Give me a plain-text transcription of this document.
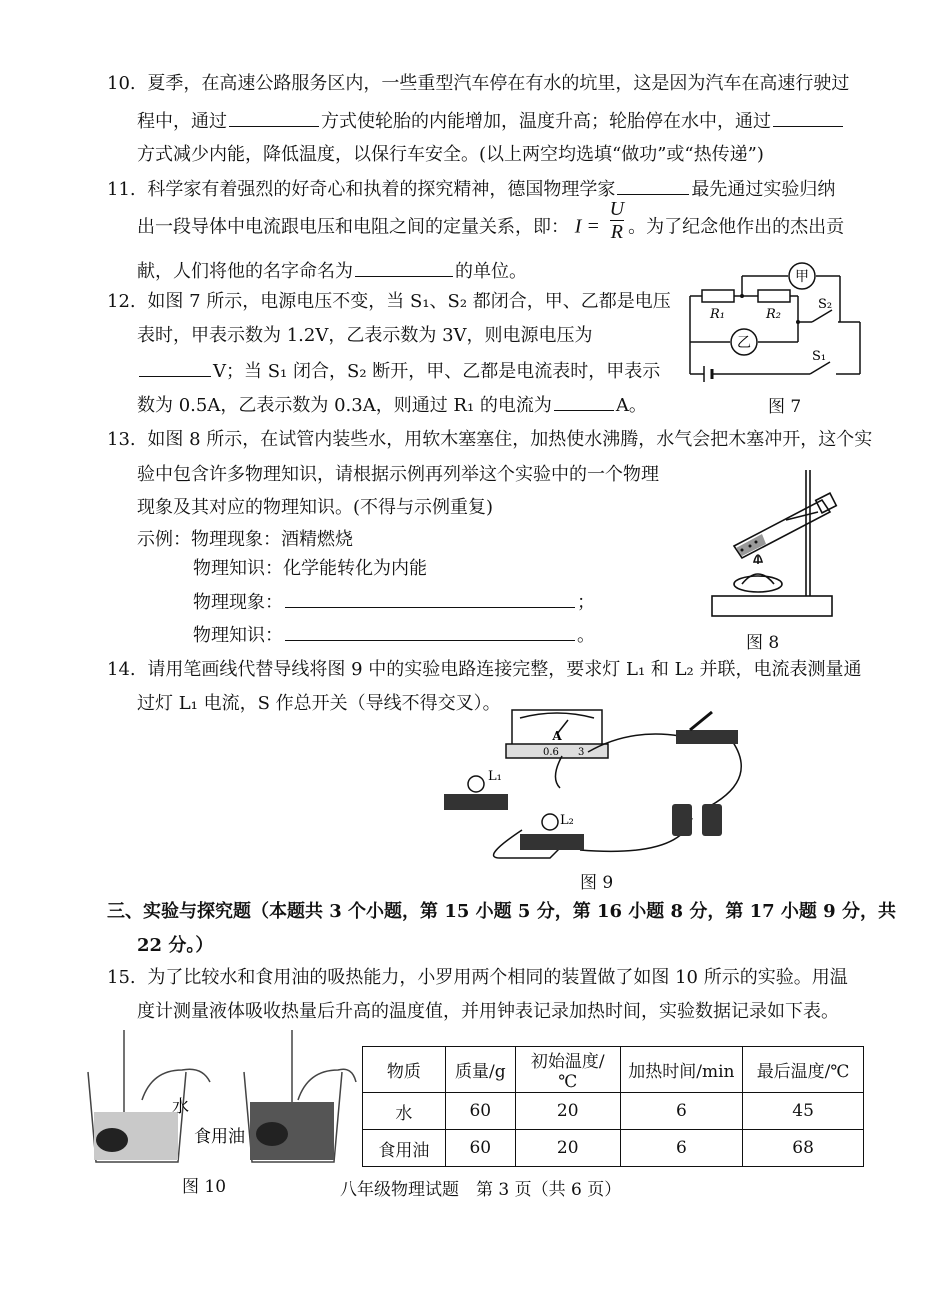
10. 夏季，在高速公路服务区内，一些重型汽车停在有水的坑里，这是因为汽车在高速行驶过
程中，通过	方式使轮胎的内能增加，温度升高；轮胎停在水中，通过
方式减少内能，降低温度，以保行车安全。(以上两空均选填“做功”或“热传递”)
11. 科学家有着强烈的好奇心和执着的探究精神，德国物理学家	最先通过实验归纳
出一段导体中电流跟电压和电阻之间的定量关系，即： $I = \frac{U}{R}$ 。为了纪念他作出的杰出贡
献，人们将他的名字命名为	的单位。
12. 如图 7 所示，电源电压不变，当 S₁、S₂ 都闭合，甲、乙都是电压
表时，甲表示数为 1.2V，乙表示数为 3V，则电源电压为
V；当 S₁ 闭合，S₂ 断开，甲、乙都是电流表时，甲表示
数为 0.5A，乙表示数为 0.3A，则通过 R₁ 的电流为	A。
甲
乙
R₁	R₂
S₂
S₁
图 7
13. 如图 8 所示，在试管内装些水，用软木塞塞住，加热使水沸腾，水气会把木塞冲开，这个实
验中包含许多物理知识，请根据示例再列举这个实验中的一个物理
现象及其对应的物理知识。(不得与示例重复)
示例：物理现象：酒精燃烧
物理知识：化学能转化为内能
物理现象：	；
物理知识：	。	图 8
14. 请用笔画线代替导线将图 9 中的实验电路连接完整，要求灯 L₁ 和 L₂ 并联，电流表测量通
过灯 L₁ 电流，S 作总开关（导线不得交叉）。
A
0.6 3
L₁
L₂
图 9
三、实验与探究题（本题共 3 个小题，第 15 小题 5 分，第 16 小题 8 分，第 17 小题 9 分，共
22 分。）
15. 为了比较水和食用油的吸热能力，小罗用两个相同的装置做了如图 10 所示的实验。用温
度计测量液体吸收热量后升高的温度值，并用钟表记录加热时间，实验数据记录如下表。
水
食用油
图 10
物质	质量/g	初始温度/℃	加热时间/min	最后温度/℃
水	60	20	6	45
食用油	60	20	6	68
八年级物理试题　第 3 页（共 6 页）
